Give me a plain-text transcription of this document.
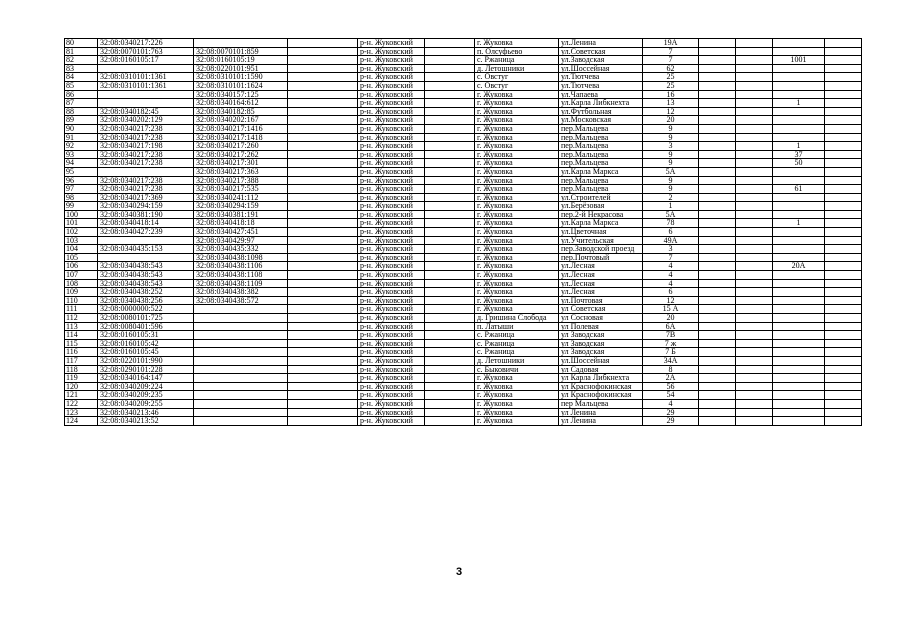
80	32:08:0340217:226			р-н. Жуковский		г. Жуковка	ул.Ленина	19А				
81	32:08:0070101:763	32:08:0070101:859		р-н. Жуковский		п. Олсуфьево	ул.Советская	7				
82	32:08:0160105:17	32:08:0160105:19		р-н. Жуковский		с. Ржаница	ул.Заводская	7			1001	
83		32:08:0220101:951		р-н. Жуковский		д. Летошники	ул.Шоссейная	62				
84	32:08:0310101:1361	32:08:0310101:1590		р-н. Жуковский		с. Овстуг	ул.Тютчева	25				
85	32:08:0310101:1361	32:08:0310101:1624		р-н. Жуковский		с. Овстуг	ул.Тютчева	25				
86		32:08:0340157:125		р-н. Жуковский		г. Жуковка	ул.Чапаева	16				
87		32:08:0340164:612		р-н. Жуковский		г. Жуковка	ул.Карла Либкнехта	13			1	
88	32:08:0340182:45	32:08:0340182:85		р-н. Жуковский		г. Жуковка	ул.Футбольная	12				
89	32:08:0340202:129	32:08:0340202:167		р-н. Жуковский		г. Жуковка	ул.Московская	20				
90	32:08:0340217:238	32:08:0340217:1416		р-н. Жуковский		г. Жуковка	пер.Мальцева	9				
91	32:08:0340217:238	32:08:0340217:1418		р-н. Жуковский		г. Жуковка	пер.Мальцева	9				
92	32:08:0340217:198	32:08:0340217:260		р-н. Жуковский		г. Жуковка	пер.Мальцева	3			1	
93	32:08:0340217:238	32:08:0340217:262		р-н. Жуковский		г. Жуковка	пер.Мальцева	9			37	
94	32:08:0340217:238	32:08:0340217:301		р-н. Жуковский		г. Жуковка	пер.Мальцева	9			50	
95		32:08:0340217:363		р-н. Жуковский		г. Жуковка	ул.Карла Маркса	5А				
96	32:08:0340217:238	32:08:0340217:388		р-н. Жуковский		г. Жуковка	пер.Мальцева	9				
97	32:08:0340217:238	32:08:0340217:535		р-н. Жуковский		г. Жуковка	пер.Мальцева	9			61	
98	32:08:0340217:369	32:08:0340241:112		р-н. Жуковский		г. Жуковка	ул.Строителей	2				
99	32:08:0340294:159	32:08:0340294:159		р-н. Жуковский		г. Жуковка	ул.Берёзовая	1				
100	32:08:0340381:190	32:08:0340381:191		р-н. Жуковский		г. Жуковка	пер.2-й Некрасова	5А				
101	32:08:0340418:14	32:08:0340418:18		р-н. Жуковский		г. Жуковка	ул.Карла Маркса	78			1	
102	32:08:0340427:239	32:08:0340427:451		р-н. Жуковский		г. Жуковка	ул.Цветочная	6				
103		32:08:0340429:97		р-н. Жуковский		г. Жуковка	ул.Учительская	49А				
104	32:08:0340435:153	32:08:0340435:332		р-н. Жуковский		г. Жуковка	пер.Заводской проезд	3				
105		32:08:0340438:1098		р-н. Жуковский		г. Жуковка	пер.Почтовый	7				
106	32:08:0340438:543	32:08:0340438:1106		р-н. Жуковский		г. Жуковка	ул.Лесная	4			20А	
107	32:08:0340438:543	32:08:0340438:1108		р-н. Жуковский		г. Жуковка	ул.Лесная	4				
108	32:08:0340438:543	32:08:0340438:1109		р-н. Жуковский		г. Жуковка	ул.Лесная	4				
109	32:08:0340438:252	32:08:0340438:382		р-н. Жуковский		г. Жуковка	ул.Лесная	6				
110	32:08:0340438:256	32:08:0340438:572		р-н. Жуковский		г. Жуковка	ул.Почтовая	12				
111	32:08:0000000:522			р-н. Жуковский		г. Жуковка	ул Советская	15 А				
112	32:08:0080101:725			р-н. Жуковский		д. Гришина Слобода	ул Сосновая	20				
113	32:08:0080401:596			р-н. Жуковский		п. Латыши	ул Полевая	6А				
114	32:08:0160105:31			р-н. Жуковский		с. Ржаница	ул Заводская	7В				
115	32:08:0160105:42			р-н. Жуковский		с. Ржаница	ул Заводская	7 ж				
116	32:08:0160105:45			р-н. Жуковский		с. Ржаница	ул Заводская	7 Б				
117	32:08:0220101:990			р-н. Жуковский		д. Летошники	ул.Шоссейная	34А				
118	32:08:0290101:228			р-н. Жуковский		с. Быковичи	ул Садовая	8				
119	32:08:0340164:147			р-н. Жуковский		г. Жуковка	ул Карла Либкнехта	2А				
120	32:08:0340209:224			р-н. Жуковский		г. Жуковка	ул Краснофокинская	56				
121	32:08:0340209:235			р-н. Жуковский		г. Жуковка	ул Краснофокинская	54				
122	32:08:0340209:255			р-н. Жуковский		г. Жуковка	пер Мальцева	4				
123	32:08:0340213:46			р-н. Жуковский		г. Жуковка	ул Ленина	29				
124	32:08:0340213:52			р-н. Жуковский		г. Жуковка	ул Ленина	29				
3
